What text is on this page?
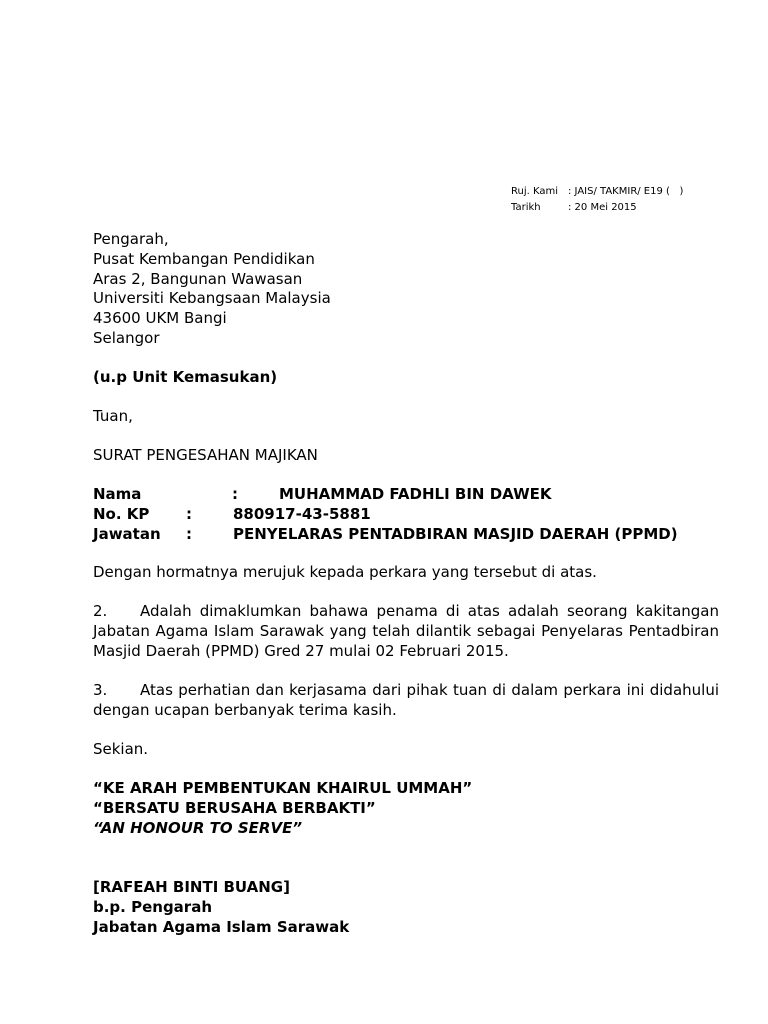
Ruj. Kami : JAIS/ TAKMIR/ E19 (   )
Tarikh	: 20 Mei 2015
Pengarah,
Pusat Kembangan Pendidikan
Aras 2, Bangunan Wawasan
Universiti Kebangsaan Malaysia
43600 UKM Bangi
Selangor
(u.p Unit Kemasukan)
Tuan,
SURAT PENGESAHAN MAJIKAN
Nama	:	MUHAMMAD FADHLI BIN DAWEK
No. KP	:	880917-43-5881
Jawatan	:	PENYELARAS PENTADBIRAN MASJID DAERAH (PPMD)
Dengan hormatnya merujuk kepada perkara yang tersebut di atas.
2. Adalah dimaklumkan bahawa penama di atas adalah seorang kakitangan Jabatan Agama Islam Sarawak yang telah dilantik sebagai Penyelaras Pentadbiran Masjid Daerah (PPMD) Gred 27 mulai 02 Februari 2015.
3. Atas perhatian dan kerjasama dari pihak tuan di dalam perkara ini didahului dengan ucapan berbanyak terima kasih.
Sekian.
“KE ARAH PEMBENTUKAN KHAIRUL UMMAH”
“BERSATU BERUSAHA BERBAKTI”
“AN HONOUR TO SERVE”
[RAFEAH BINTI BUANG]
b.p. Pengarah
Jabatan Agama Islam Sarawak
